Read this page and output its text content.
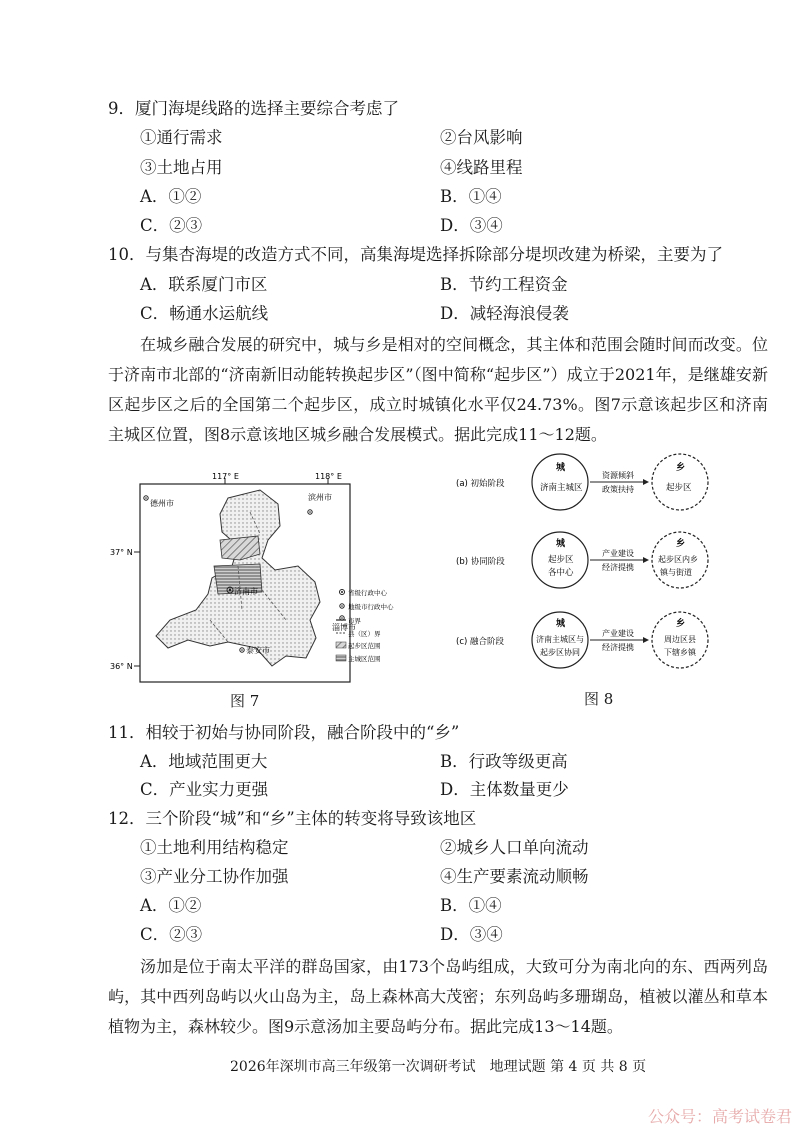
9．厦门海堤线路的选择主要综合考虑了
①通行需求	②台风影响
③土地占用	④线路里程
A．①②	B．①④
C．②③	D．③④
10．与集杏海堤的改造方式不同，高集海堤选择拆除部分堤坝改建为桥梁，主要为了
A．联系厦门市区	B．节约工程资金
C．畅通水运航线	D．减轻海浪侵袭
在城乡融合发展的研究中，城与乡是相对的空间概念，其主体和范围会随时间而改变。位于济南市北部的“济南新旧动能转换起步区”（图中简称“起步区”）成立于2021年，是继雄安新区起步区之后的全国第二个起步区，成立时城镇化水平仅24.73%。图7示意该起步区和济南主城区位置，图8示意该地区城乡融合发展模式。据此完成11～12题。
117° E	118° E
37° N
36° N
德州市
滨州市
济南市
淄博市
泰安市
省级行政中心
地级市行政中心
市界
县（区）界
起步区范围
主城区范围
图 7
(a) 初始阶段
城
济南主城区
资源倾斜
政策扶持
乡
起步区
(b) 协同阶段
城
起步区
各中心
产业建设
经济提携
乡
起步区内乡
镇与街道
(c) 融合阶段
城
济南主城区与
起步区协同
产业建设
经济提携
乡
周边区县
下辖乡镇
图 8
11．相较于初始与协同阶段，融合阶段中的“乡”
A．地域范围更大	B．行政等级更高
C．产业实力更强	D．主体数量更少
12．三个阶段“城”和“乡”主体的转变将导致该地区
①土地利用结构稳定	②城乡人口单向流动
③产业分工协作加强	④生产要素流动顺畅
A．①②	B．①④
C．②③	D．③④
汤加是位于南太平洋的群岛国家，由173个岛屿组成，大致可分为南北向的东、西两列岛屿，其中西列岛屿以火山岛为主，岛上森林高大茂密；东列岛屿多珊瑚岛，植被以灌丛和草本植物为主，森林较少。图9示意汤加主要岛屿分布。据此完成13～14题。
2026年深圳市高三年级第一次调研考试　地理试题 第 4 页 共 8 页
公众号：高考试卷君
